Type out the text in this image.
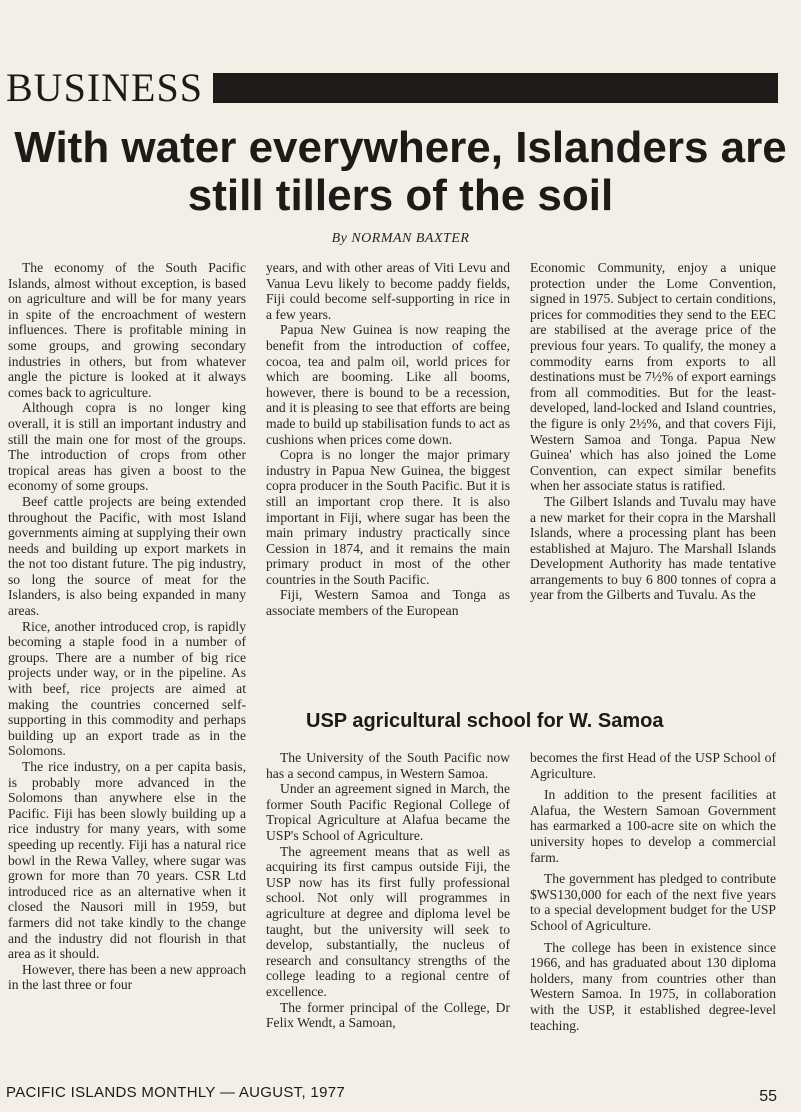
BUSINESS
With water everywhere, Islanders are still tillers of the soil
By NORMAN BAXTER

The economy of the South Pacific Islands, almost without exception, is based on agriculture and will be for many years in spite of the encroachment of western influences. There is profitable mining in some groups, and growing secondary industries in others, but from whatever angle the picture is looked at it always comes back to agriculture.

Although copra is no longer king overall, it is still an important industry and still the main one for most of the groups. The introduction of crops from other tropical areas has given a boost to the economy of some groups.

Beef cattle projects are being extended throughout the Pacific, with most Island governments aiming at supplying their own needs and building up export markets in the not too distant future. The pig industry, so long the source of meat for the Islanders, is also being expanded in many areas.

Rice, another introduced crop, is rapidly becoming a staple food in a number of groups. There are a number of big rice projects under way, or in the pipeline. As with beef, rice projects are aimed at making the countries concerned self-supporting in this commodity and perhaps building up an export trade as in the Solomons.

The rice industry, on a per capita basis, is probably more advanced in the Solomons than anywhere else in the Pacific. Fiji has been slowly building up a rice industry for many years, with some speeding up recently. Fiji has a natural rice bowl in the Rewa Valley, where sugar was grown for more than 70 years. CSR Ltd introduced rice as an alternative when it closed the Nausori mill in 1959, but farmers did not take kindly to the change and the industry did not flourish in that area as it should.

However, there has been a new approach in the last three or four

years, and with other areas of Viti Levu and Vanua Levu likely to become paddy fields, Fiji could become self-supporting in rice in a few years.

Papua New Guinea is now reaping the benefit from the introduction of coffee, cocoa, tea and palm oil, world prices for which are booming. Like all booms, however, there is bound to be a recession, and it is pleasing to see that efforts are being made to build up stabilisation funds to act as cushions when prices come down.

Copra is no longer the major primary industry in Papua New Guinea, the biggest copra producer in the South Pacific. But it is still an important crop there. It is also important in Fiji, where sugar has been the main primary industry practically since Cession in 1874, and it remains the main primary product in most of the other countries in the South Pacific.

Fiji, Western Samoa and Tonga as associate members of the European

Economic Community, enjoy a unique protection under the Lome Convention, signed in 1975. Subject to certain conditions, prices for commodities they send to the EEC are stabilised at the average price of the previous four years. To qualify, the money a commodity earns from exports to all destinations must be 7½% of export earnings from all commodities. But for the least-developed, land-locked and Island countries, the figure is only 2½%, and that covers Fiji, Western Samoa and Tonga. Papua New Guinea' which has also joined the Lome Convention, can expect similar benefits when her associate status is ratified.

The Gilbert Islands and Tuvalu may have a new market for their copra in the Marshall Islands, where a processing plant has been established at Majuro. The Marshall Islands Development Authority has made tentative arrangements to buy 6 800 tonnes of copra a year from the Gilberts and Tuvalu. As the

USP agricultural school for W. Samoa

The University of the South Pacific now has a second campus, in Western Samoa.

Under an agreement signed in March, the former South Pacific Regional College of Tropical Agriculture at Alafua became the USP's School of Agriculture.

The agreement means that as well as acquiring its first campus outside Fiji, the USP now has its first fully professional school. Not only will programmes in agriculture at degree and diploma level be taught, but the university will seek to develop, substantially, the nucleus of research and consultancy strengths of the college leading to a regional centre of excellence.

The former principal of the College, Dr Felix Wendt, a Samoan,

becomes the first Head of the USP School of Agriculture.

In addition to the present facilities at Alafua, the Western Samoan Government has earmarked a 100-acre site on which the university hopes to develop a commercial farm.

The government has pledged to contribute $WS130,000 for each of the next five years to a special development budget for the USP School of Agriculture.

The college has been in existence since 1966, and has graduated about 130 diploma holders, many from countries other than Western Samoa. In 1975, in collaboration with the USP, it established degree-level teaching.

PACIFIC ISLANDS MONTHLY — AUGUST, 1977	55
